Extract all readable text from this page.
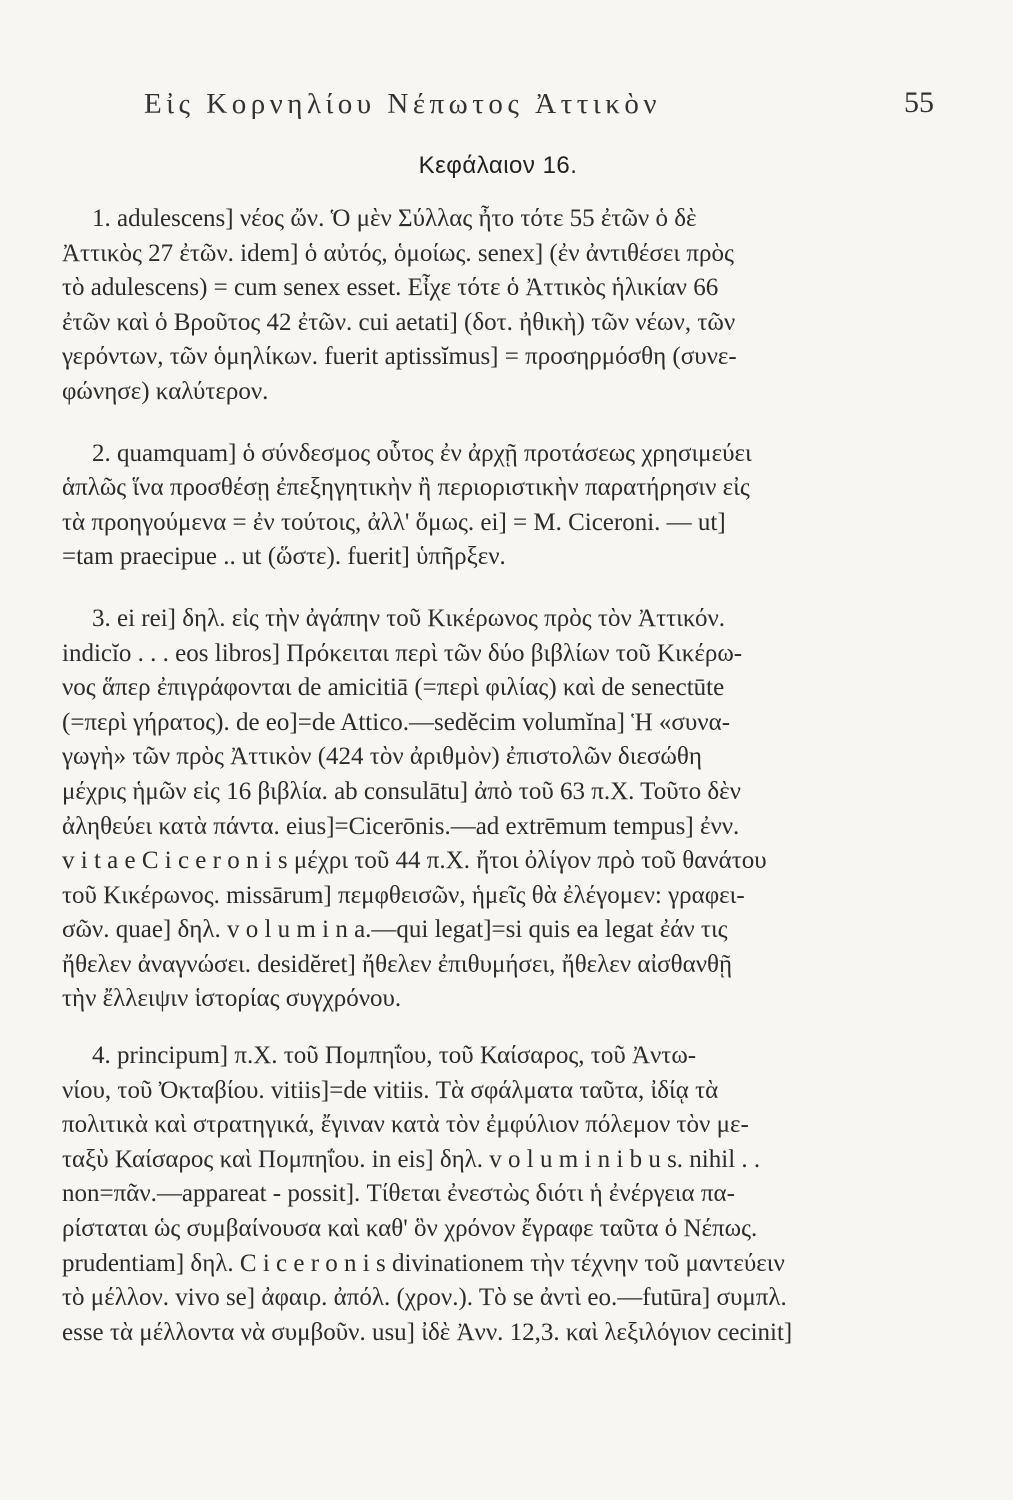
Εἰς Κορνηλίου Νέπωτος Ἀττικὸν	55
Κεφάλαιον 16.

1. adulescens] νέος ὤν. Ὁ μὲν Σύλλας ἦτο τότε 55 ἐτῶν ὁ δὲ
Ἀττικὸς 27 ἐτῶν. idem] ὁ αὐτός, ὁμοίως. senex] (ἐν ἀντιθέσει πρὸς
τὸ adulescens) = cum senex esset. Εἶχε τότε ὁ Ἀττικὸς ἡλικίαν 66
ἐτῶν καὶ ὁ Βροῦτος 42 ἐτῶν. cui aetati] (δοτ. ἠθικὴ) τῶν νέων, τῶν
γερόντων, τῶν ὁμηλίκων. fuerit aptissĭmus] = προσηρμόσθη (συνε-
φώνησε) καλύτερον.

2. quamquam] ὁ σύνδεσμος οὗτος ἐν ἀρχῇ προτάσεως χρησιμεύει
ἁπλῶς ἵνα προσθέσῃ ἐπεξηγητικὴν ἢ περιοριστικὴν παρατήρησιν εἰς
τὰ προηγούμενα = ἐν τούτοις, ἀλλ' ὅμως. ei] = M. Ciceroni. — ut]
=tam praecipue .. ut (ὥστε). fuerit] ὑπῆρξεν.

3. ei rei] δηλ. εἰς τὴν ἀγάπην τοῦ Κικέρωνος πρὸς τὸν Ἀττικόν.
indicĭo . . . eos libros] Πρόκειται περὶ τῶν δύο βιβλίων τοῦ Κικέρω-
νος ἅπερ ἐπιγράφονται de amicitiā (=περὶ φιλίας) καὶ de senectūte
(=περὶ γήρατος). de eo]=de Attico.—sedĕcim volumĭna] Ἡ «συνα-
γωγὴ» τῶν πρὸς Ἀττικὸν (424 τὸν ἀριθμὸν) ἐπιστολῶν διεσώθη
μέχρις ἡμῶν εἰς 16 βιβλία. ab consulātu] ἀπὸ τοῦ 63 π.Χ. Τοῦτο δὲν
ἀληθεύει κατὰ πάντα. eius]=Cicerōnis.—ad extrēmum tempus] ἐνν.
v i t a e C i c e r o n i s μέχρι τοῦ 44 π.Χ. ἤτοι ὀλίγον πρὸ τοῦ θανάτου
τοῦ Κικέρωνος. missārum] πεμφθεισῶν, ἡμεῖς θὰ ἐλέγομεν: γραφει-
σῶν. quae] δηλ. v o l u m i n a.—qui legat]=si quis ea legat ἐάν τις
ἤθελεν ἀναγνώσει. desidĕret] ἤθελεν ἐπιθυμήσει, ἤθελεν αἰσθανθῇ
τὴν ἔλλειψιν ἱστορίας συγχρόνου.

4. principum] π.Χ. τοῦ Πομπηΐου, τοῦ Καίσαρος, τοῦ Ἀντω-
νίου, τοῦ Ὀκταβίου. vitiis]=de vitiis. Τὰ σφάλματα ταῦτα, ἰδίᾳ τὰ
πολιτικὰ καὶ στρατηγικά, ἔγιναν κατὰ τὸν ἐμφύλιον πόλεμον τὸν με-
ταξὺ Καίσαρος καὶ Πομπηΐου. in eis] δηλ. v o l u m i n i b u s. nihil . .
non=πᾶν.—appareat - possit]. Τίθεται ἐνεστὼς διότι ἡ ἐνέργεια πα-
ρίσταται ὡς συμβαίνουσα καὶ καθ' ὃν χρόνον ἔγραφε ταῦτα ὁ Νέπως.
prudentiam] δηλ. C i c e r o n i s divinationem τὴν τέχνην τοῦ μαντεύειν
τὸ μέλλον. vivo se] ἀφαιρ. ἀπόλ. (χρον.). Τὸ se ἀντὶ eo.—futūra] συμπλ.
esse τὰ μέλλοντα νὰ συμβοῦν. usu] ἰδὲ Ἀνν. 12,3. καὶ λεξιλόγιον cecinit]
